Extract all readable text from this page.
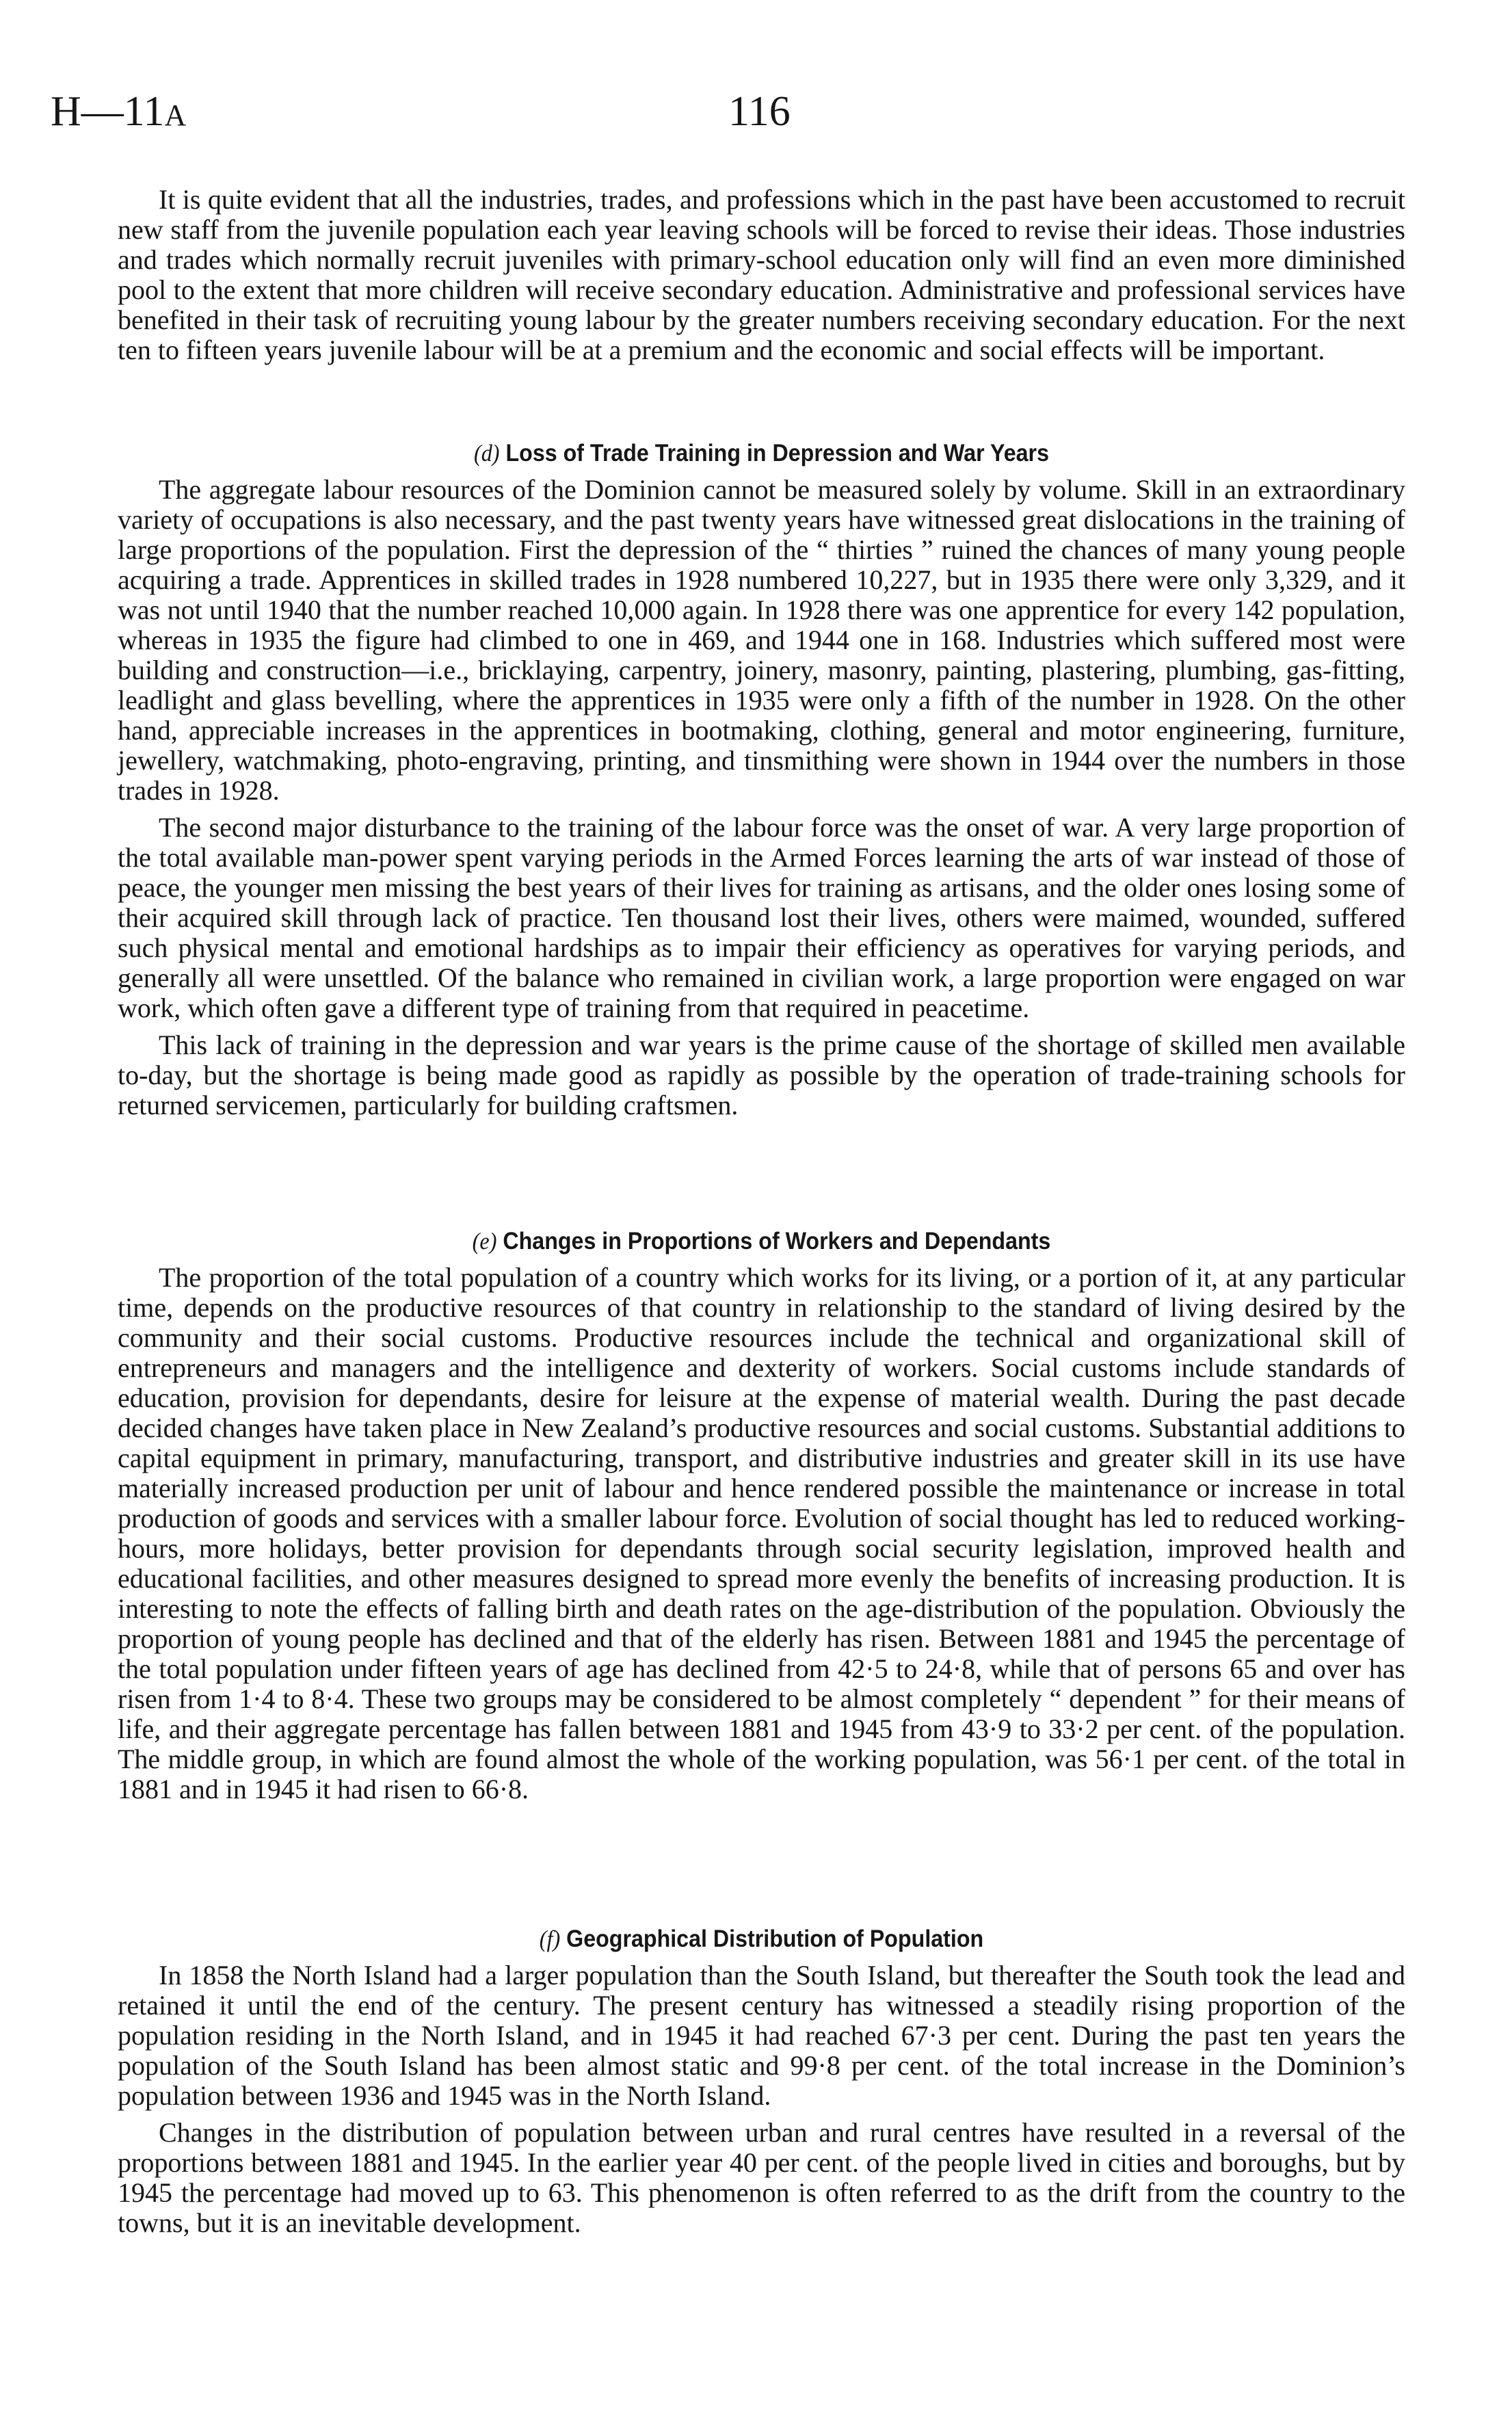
H—11A	116

It is quite evident that all the industries, trades, and professions which in the past have been accustomed to recruit new staff from the juvenile population each year leaving schools will be forced to revise their ideas. Those industries and trades which normally recruit juveniles with primary-school education only will find an even more diminished pool to the extent that more children will receive secondary education. Administrative and professional services have benefited in their task of recruiting young labour by the greater numbers receiving secondary education. For the next ten to fifteen years juvenile labour will be at a premium and the economic and social effects will be important.

(d) Loss of Trade Training in Depression and War Years

The aggregate labour resources of the Dominion cannot be measured solely by volume. Skill in an extraordinary variety of occupations is also necessary, and the past twenty years have witnessed great dislocations in the training of large proportions of the population. First the depression of the “ thirties ” ruined the chances of many young people acquiring a trade. Apprentices in skilled trades in 1928 numbered 10,227, but in 1935 there were only 3,329, and it was not until 1940 that the number reached 10,000 again. In 1928 there was one apprentice for every 142 population, whereas in 1935 the figure had climbed to one in 469, and 1944 one in 168. Industries which suffered most were building and construction—i.e., bricklaying, carpentry, joinery, masonry, painting, plastering, plumbing, gas-fitting, leadlight and glass bevelling, where the apprentices in 1935 were only a fifth of the number in 1928. On the other hand, appreciable increases in the apprentices in bootmaking, clothing, general and motor engineering, furniture, jewellery, watchmaking, photo-engraving, printing, and tinsmithing were shown in 1944 over the numbers in those trades in 1928.

The second major disturbance to the training of the labour force was the onset of war. A very large proportion of the total available man-power spent varying periods in the Armed Forces learning the arts of war instead of those of peace, the younger men missing the best years of their lives for training as artisans, and the older ones losing some of their acquired skill through lack of practice. Ten thousand lost their lives, others were maimed, wounded, suffered such physical mental and emotional hardships as to impair their efficiency as operatives for varying periods, and generally all were unsettled. Of the balance who remained in civilian work, a large proportion were engaged on war work, which often gave a different type of training from that required in peacetime.

This lack of training in the depression and war years is the prime cause of the shortage of skilled men available to-day, but the shortage is being made good as rapidly as possible by the operation of trade-training schools for returned servicemen, particularly for building craftsmen.

(e) Changes in Proportions of Workers and Dependants

The proportion of the total population of a country which works for its living, or a portion of it, at any particular time, depends on the productive resources of that country in relationship to the standard of living desired by the community and their social customs. Productive resources include the technical and organizational skill of entrepreneurs and managers and the intelligence and dexterity of workers. Social customs include standards of education, provision for dependants, desire for leisure at the expense of material wealth. During the past decade decided changes have taken place in New Zealand’s productive resources and social customs. Substantial additions to capital equipment in primary, manufacturing, transport, and distributive industries and greater skill in its use have materially increased production per unit of labour and hence rendered possible the maintenance or increase in total production of goods and services with a smaller labour force. Evolution of social thought has led to reduced working-hours, more holidays, better provision for dependants through social security legislation, improved health and educational facilities, and other measures designed to spread more evenly the benefits of increasing production. It is interesting to note the effects of falling birth and death rates on the age-distribution of the population. Obviously the proportion of young people has declined and that of the elderly has risen. Between 1881 and 1945 the percentage of the total population under fifteen years of age has declined from 42·5 to 24·8, while that of persons 65 and over has risen from 1·4 to 8·4. These two groups may be considered to be almost completely “ dependent ” for their means of life, and their aggregate percentage has fallen between 1881 and 1945 from 43·9 to 33·2 per cent. of the population. The middle group, in which are found almost the whole of the working population, was 56·1 per cent. of the total in 1881 and in 1945 it had risen to 66·8.

(f) Geographical Distribution of Population

In 1858 the North Island had a larger population than the South Island, but thereafter the South took the lead and retained it until the end of the century. The present century has witnessed a steadily rising proportion of the population residing in the North Island, and in 1945 it had reached 67·3 per cent. During the past ten years the population of the South Island has been almost static and 99·8 per cent. of the total increase in the Dominion’s population between 1936 and 1945 was in the North Island.

Changes in the distribution of population between urban and rural centres have resulted in a reversal of the proportions between 1881 and 1945. In the earlier year 40 per cent. of the people lived in cities and boroughs, but by 1945 the percentage had moved up to 63. This phenomenon is often referred to as the drift from the country to the towns, but it is an inevitable development.
